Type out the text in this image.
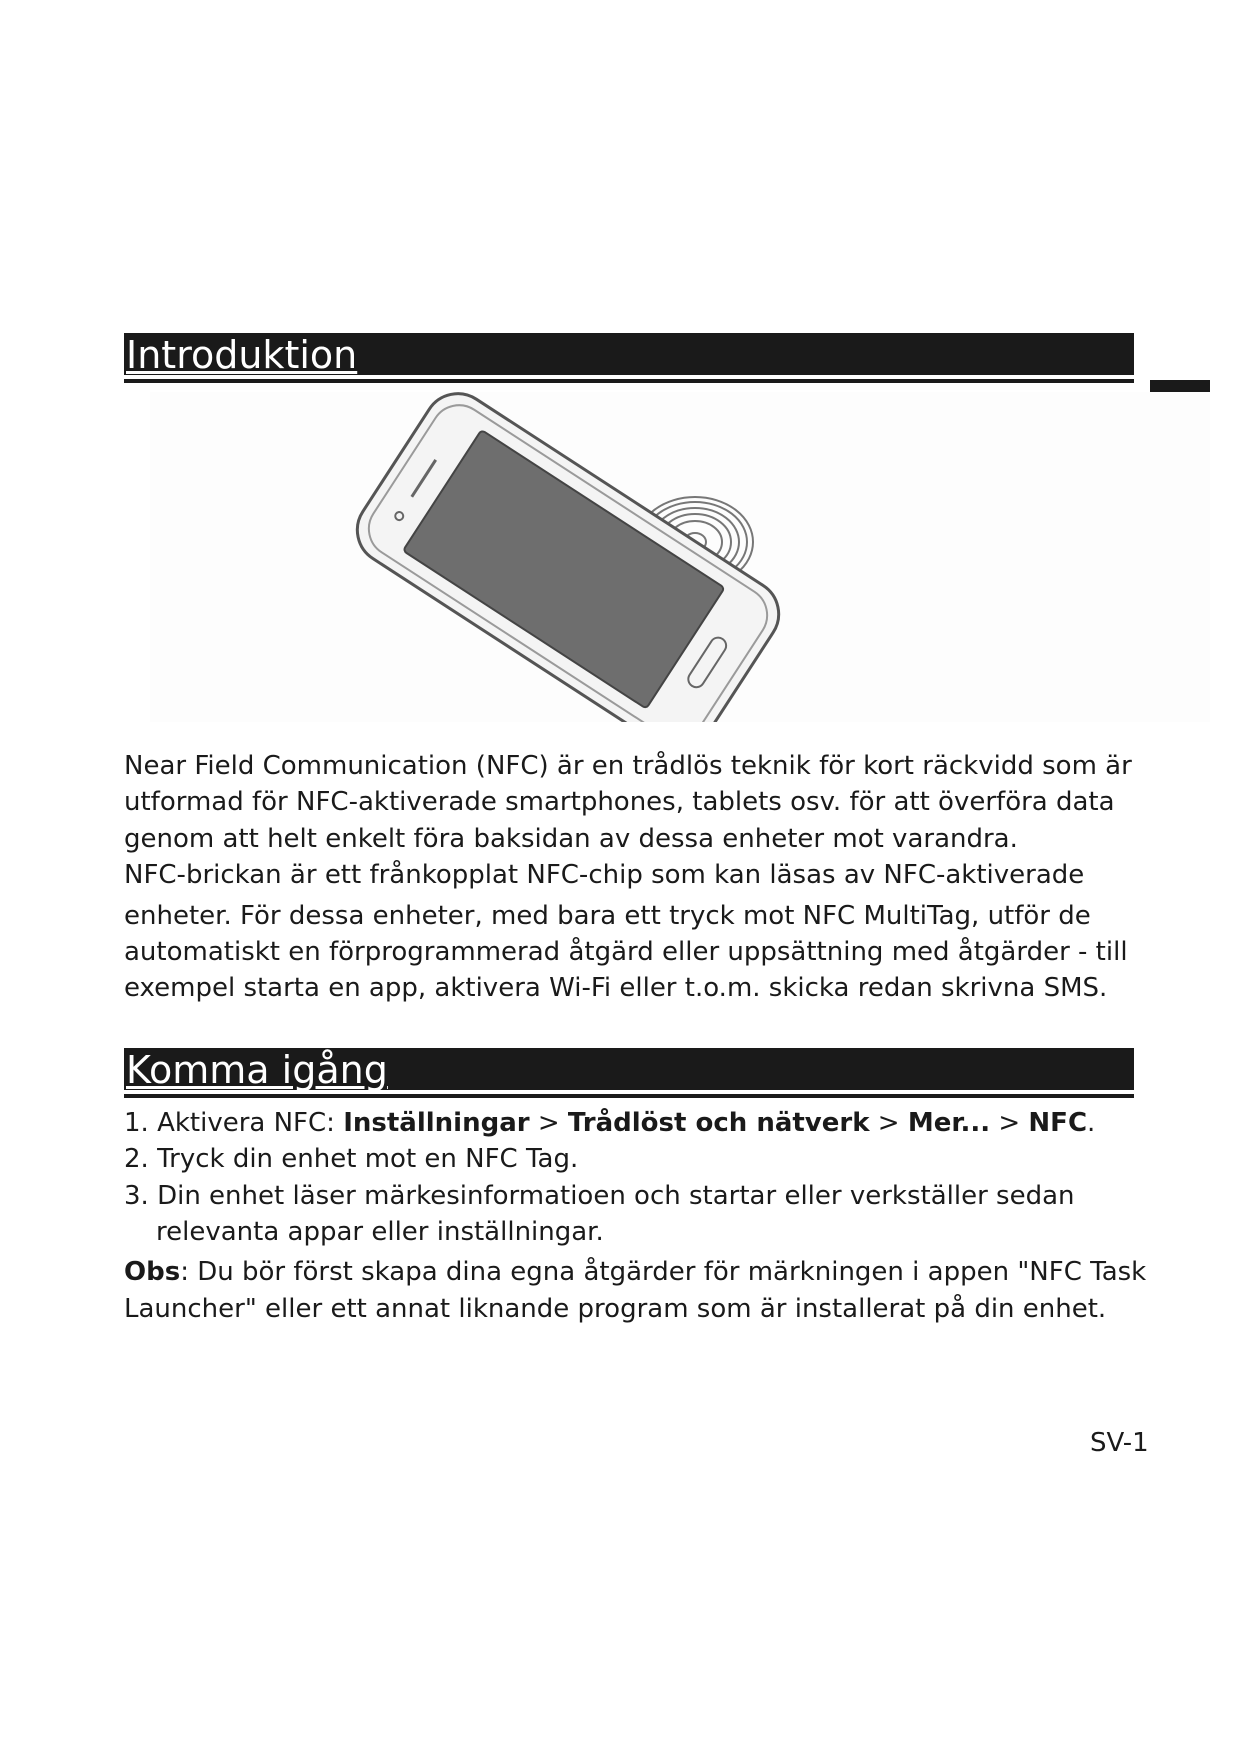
Introduktion

Near Field Communication (NFC) är en trådlös teknik för kort räckvidd som är
utformad för NFC-aktiverade smartphones, tablets osv. för att överföra data
genom att helt enkelt föra baksidan av dessa enheter mot varandra.
NFC-brickan är ett frånkopplat NFC-chip som kan läsas av NFC-aktiverade
enheter. För dessa enheter, med bara ett tryck mot NFC MultiTag, utför de
automatiskt en förprogrammerad åtgärd eller uppsättning med åtgärder - till
exempel starta en app, aktivera Wi-Fi eller t.o.m. skicka redan skrivna SMS.

Komma igång
1. Aktivera NFC: Inställningar > Trådlöst och nätverk > Mer... > NFC.
2. Tryck din enhet mot en NFC Tag.
3. Din enhet läser märkesinformatioen och startar eller verkställer sedan
relevanta appar eller inställningar.
Obs: Du bör först skapa dina egna åtgärder för märkningen i appen "NFC Task
Launcher" eller ett annat liknande program som är installerat på din enhet.
SV-1
